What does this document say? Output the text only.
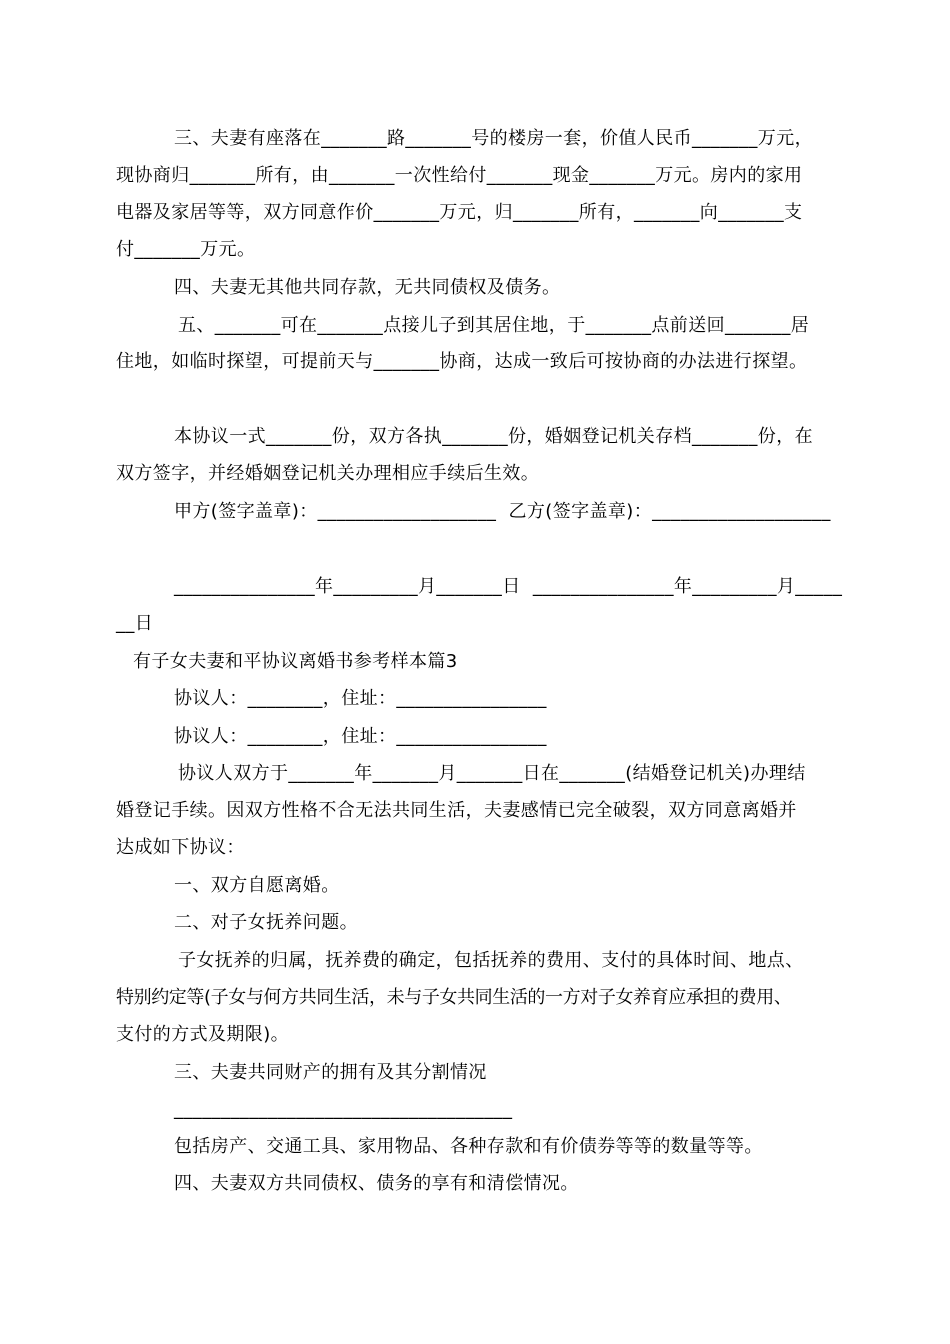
三、夫妻有座落在_______路_______号的楼房一套，价值人民币_______万元，
现协商归_______所有，由_______一次性给付_______现金_______万元。房内的家用
电器及家居等等，双方同意作价_______万元，归_______所有，_______向_______支
付_______万元。
四、夫妻无其他共同存款，无共同债权及债务。
五、_______可在_______点接儿子到其居住地，于_______点前送回_______居
住地，如临时探望，可提前天与_______协商，达成一致后可按协商的办法进行探望。
本协议一式_______份，双方各执_______份，婚姻登记机关存档_______份，在
双方签字，并经婚姻登记机关办理相应手续后生效。
甲方(签字盖章)：___________________  乙方(签字盖章)：___________________
_______________年_________月_______日  _______________年_________月_____
__日
有子女夫妻和平协议离婚书参考样本篇3
协议人：________，住址：________________
协议人：________，住址：________________
协议人双方于_______年_______月_______日在_______(结婚登记机关)办理结
婚登记手续。因双方性格不合无法共同生活，夫妻感情已完全破裂，双方同意离婚并
达成如下协议：
一、双方自愿离婚。
二、对子女抚养问题。
子女抚养的归属，抚养费的确定，包括抚养的费用、支付的具体时间、地点、
特别约定等(子女与何方共同生活，未与子女共同生活的一方对子女养育应承担的费用、
支付的方式及期限)。
三、夫妻共同财产的拥有及其分割情况
____________________________________
包括房产、交通工具、家用物品、各种存款和有价债券等等的数量等等。
四、夫妻双方共同债权、债务的享有和清偿情况。
